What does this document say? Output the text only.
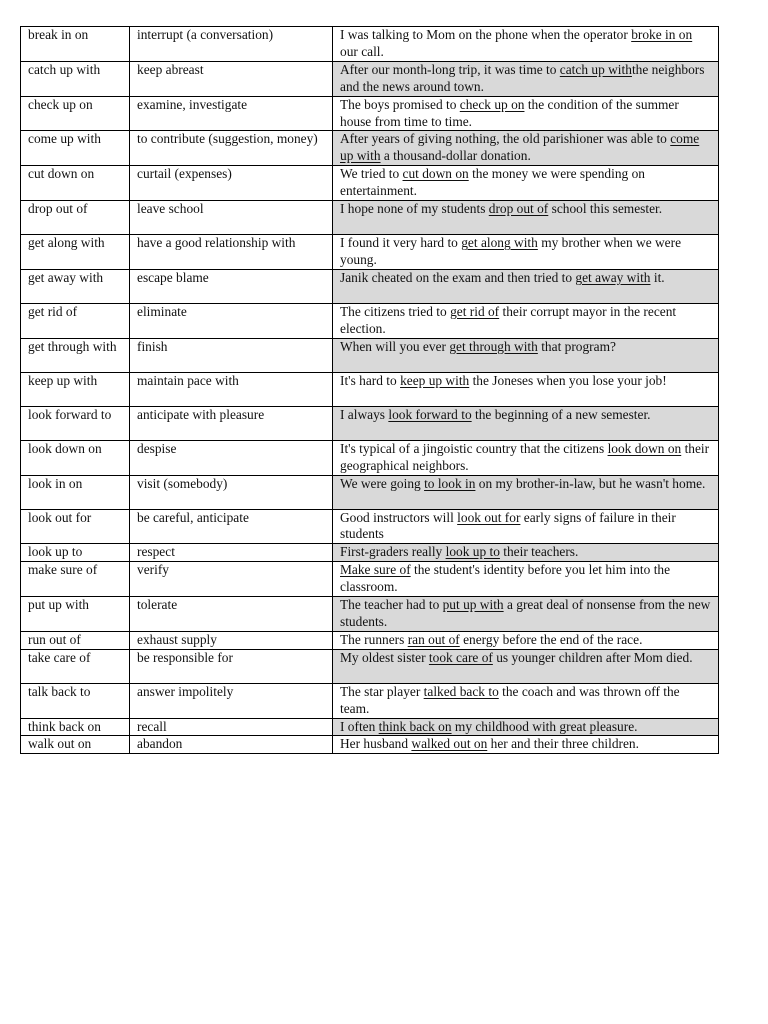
break in on	interrupt (a conversation)	I was talking to Mom on the phone when the operator broke in on our call.
catch up with	keep abreast	After our month-long trip, it was time to catch up withthe neighbors and the news around town.
check up on	examine, investigate	The boys promised to check up on the condition of the summer house from time to time.
come up with	to contribute (suggestion, money)	After years of giving nothing, the old parishioner was able to come up with a thousand-dollar donation.
cut down on	curtail (expenses)	We tried to cut down on the money we were spending on entertainment.
drop out of	leave school	I hope none of my students drop out of school this semester.
get along with	have a good relationship with	I found it very hard to get along with my brother when we were young.
get away with	escape blame	Janik cheated on the exam and then tried to get away with it.
get rid of	eliminate	The citizens tried to get rid of their corrupt mayor in the recent election.
get through with	finish	When will you ever get through with that program?
keep up with	maintain pace with	It's hard to keep up with the Joneses when you lose your job!
look forward to	anticipate with pleasure	I always look forward to the beginning of a new semester.
look down on	despise	It's typical of a jingoistic country that the citizens look down on their geographical neighbors.
look in on	visit (somebody)	We were going to look in on my brother-in-law, but he wasn't home.
look out for	be careful, anticipate	Good instructors will look out for early signs of failure in their students
look up to	respect	First-graders really look up to their teachers.
make sure of	verify	Make sure of the student's identity before you let him into the classroom.
put up with	tolerate	The teacher had to put up with a great deal of nonsense from the new students.
run out of	exhaust supply	The runners ran out of energy before the end of the race.
take care of	be responsible for	My oldest sister took care of us younger children after Mom died.
talk back to	answer impolitely	The star player talked back to the coach and was thrown off the team.
think back on	recall	I often think back on my childhood with great pleasure.
walk out on	abandon	Her husband walked out on her and their three children.
